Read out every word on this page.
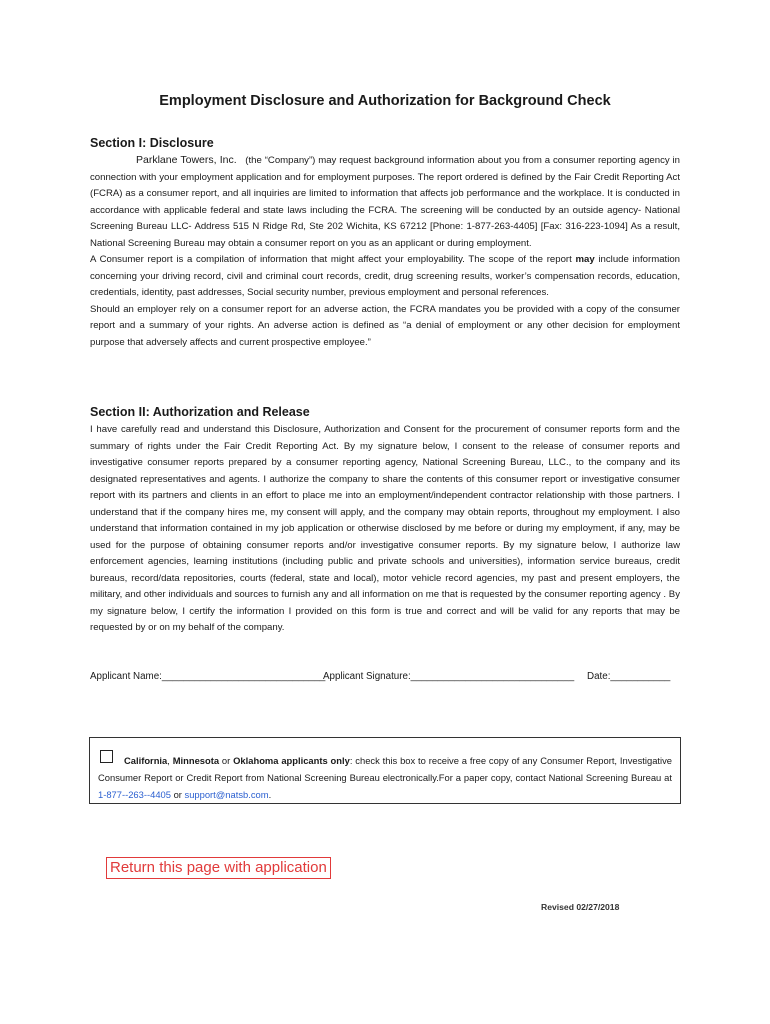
Employment Disclosure and Authorization for Background Check
Section I: Disclosure

Parklane Towers, Inc. (the “Company”) may request background information about you from a consumer reporting agency in connection with your employment application and for employment purposes. The report ordered is defined by the Fair Credit Reporting Act (FCRA) as a consumer report, and all inquiries are limited to information that affects job performance and the workplace. It is conducted in accordance with applicable federal and state laws including the FCRA. The screening will be conducted by an outside agency- National Screening Bureau LLC- Address 515 N Ridge Rd, Ste 202 Wichita, KS 67212 [Phone: 1-877-263-4405] [Fax: 316-223-1094] As a result, National Screening Bureau may obtain a consumer report on you as an applicant or during employment.

A Consumer report is a compilation of information that might affect your employability. The scope of the report may include information concerning your driving record, civil and criminal court records, credit, drug screening results, worker’s compensation records, education, credentials, identity, past addresses, Social security number, previous employment and personal references.

Should an employer rely on a consumer report for an adverse action, the FCRA mandates you be provided with a copy of the consumer report and a summary of your rights. An adverse action is defined as “a denial of employment or any other decision for employment purpose that adversely affects and current prospective employee.”

Section II: Authorization and Release

I have carefully read and understand this Disclosure, Authorization and Consent for the procurement of consumer reports form and the summary of rights under the Fair Credit Reporting Act. By my signature below, I consent to the release of consumer reports and investigative consumer reports prepared by a consumer reporting agency, National Screening Bureau, LLC., to the company and its designated representatives and agents. I authorize the company to share the contents of this consumer report or investigative consumer report with its partners and clients in an effort to place me into an employment/independent contractor relationship with those partners. I understand that if the company hires me, my consent will apply, and the company may obtain reports, throughout my employment. I also understand that information contained in my job application or otherwise disclosed by me before or during my employment, if any, may be used for the purpose of obtaining consumer reports and/or investigative consumer reports. By my signature below, I authorize law enforcement agencies, learning institutions (including public and private schools and universities), information service bureaus, credit bureaus, record/data repositories, courts (federal, state and local), motor vehicle record agencies, my past and present employers, the military, and other individuals and sources to furnish any and all information on me that is requested by the consumer reporting agency . By my signature below, I certify the information I provided on this form is true and correct and will be valid for any reports that may be requested by or on my behalf of the company.

Applicant Name:______________________________
Applicant Signature:______________________________ Date:___________
California, Minnesota or Oklahoma applicants only: check this box to receive a free copy of any Consumer Report, Investigative Consumer Report or Credit Report from National Screening Bureau electronically.For a paper copy, contact National Screening Bureau at 1-877--263--4405 or support@natsb.com.
Return this page with application
Revised 02/27/2018
